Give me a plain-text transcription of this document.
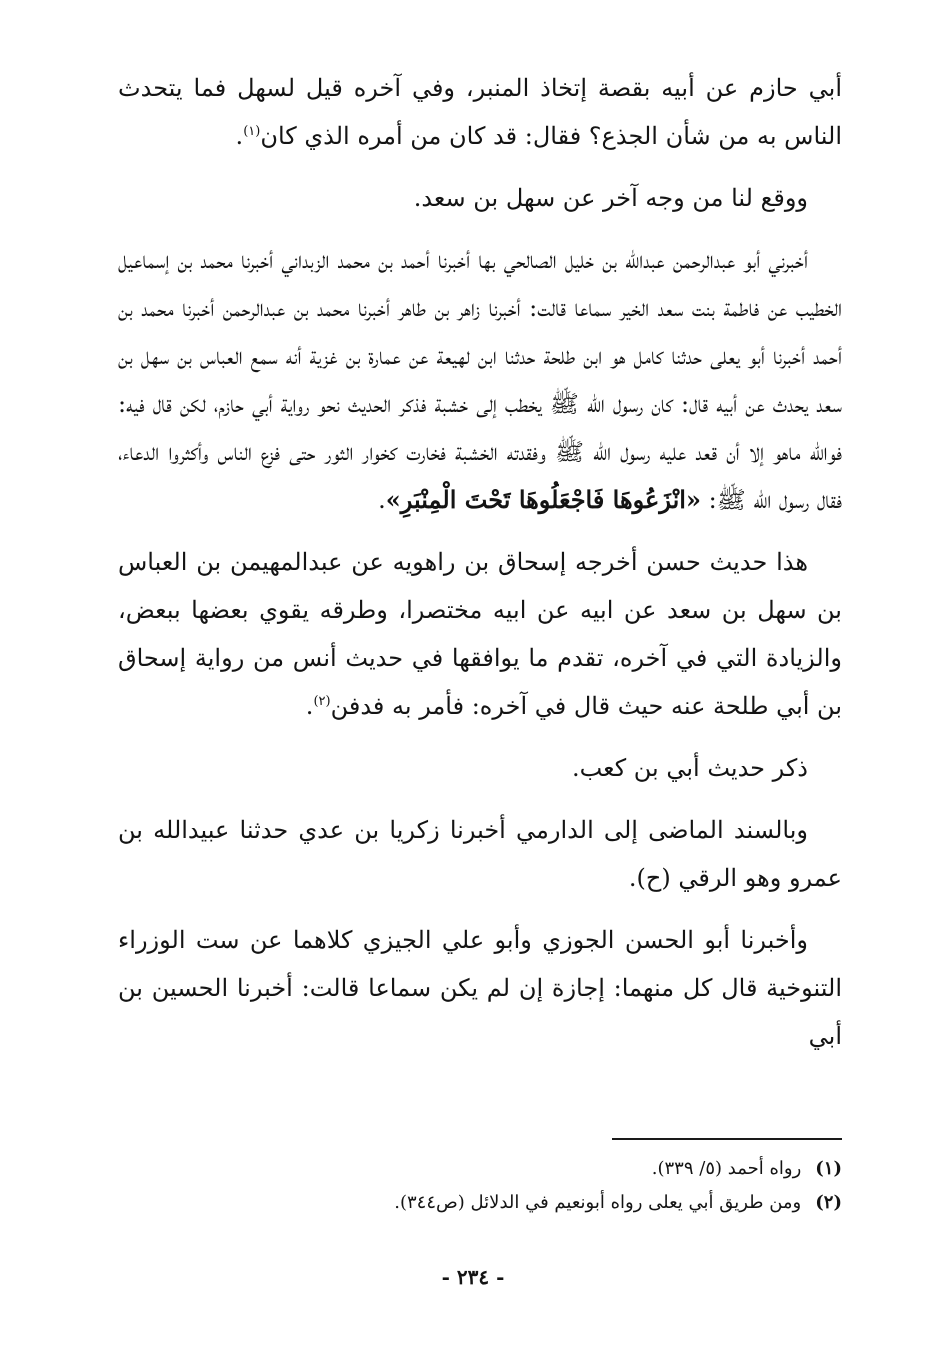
أبي حازم عن أبيه بقصة إتخاذ المنبر، وفي آخره قيل لسهل فما يتحدث الناس به من شأن الجذع؟ فقال: قد كان من أمره الذي كان$^{(١)}$.

ووقع لنا من وجه آخر عن سهل بن سعد.

أخبرني أبو عبدالرحمن عبدالله بن خليل الصالحي بها أخبرنا أحمد بن محمد الزبداني أخبرنا محمد بن إسماعيل الخطيب عن فاطمة بنت سعد الخير سماعا قالت: أخبرنا زاهر بن طاهر أخبرنا محمد بن عبدالرحمن أخبرنا محمد بن أحمد أخبرنا أبو يعلى حدثنا كامل هو ابن طلحة حدثنا ابن لهيعة عن عمارة بن غزية أنه سمع العباس بن سهل بن سعد يحدث عن أبيه قال: كان رسول الله ﷺ يخطب إلى خشبة فذكر الحديث نحو رواية أبي حازم، لكن قال فيه: فوالله ماهو إلا أن قعد عليه رسول الله ﷺ وفقدته الخشبة فخارت كخوار الثور حتى فزع الناس وأكثروا الدعاء، فقال رسول الله ﷺ: «انْزَعُوهَا فَاجْعَلُوهَا تَحْتَ الْمِنْبَرِ».

هذا حديث حسن أخرجه إسحاق بن راهويه عن عبدالمهيمن بن العباس بن سهل بن سعد عن ابيه عن ابيه مختصرا، وطرقه يقوي بعضها ببعض، والزيادة التي في آخره، تقدم ما يوافقها في حديث أنس من رواية إسحاق بن أبي طلحة عنه حيث قال في آخره: فأمر به فدفن$^{(٢)}$.

ذكر حديث أبي بن كعب.

وبالسند الماضى إلى الدارمي أخبرنا زكريا بن عدي حدثنا عبيدالله بن عمرو وهو الرقي (ح).

وأخبرنا أبو الحسن الجوزي وأبو علي الجيزي كلاهما عن ست الوزراء التنوخية قال كل منهما: إجازة إن لم يكن سماعا قالت: أخبرنا الحسين بن أبي

(١)رواه أحمد (٥/ ٣٣٩).
(٢)ومن طريق أبي يعلى رواه أبونعيم في الدلائل (ص٣٤٤).
- ٢٣٤ -
